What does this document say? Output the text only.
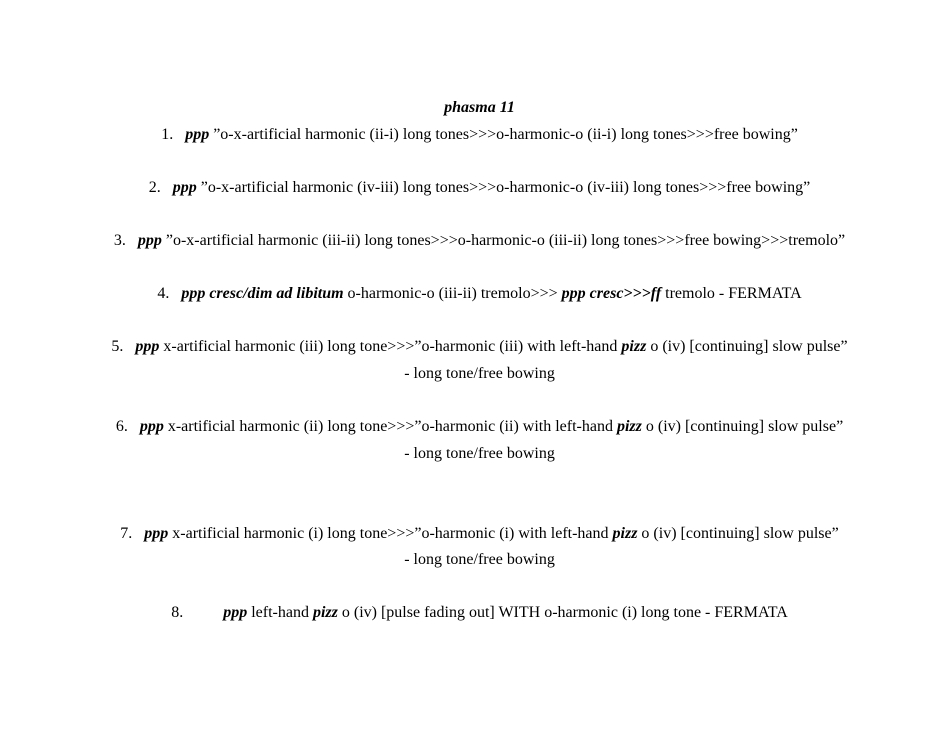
phasma 11
1.   ppp ”o-x-artificial harmonic (ii-i) long tones>>>o-harmonic-o (ii-i) long tones>>>free bowing”

2.   ppp ”o-x-artificial harmonic (iv-iii) long tones>>>o-harmonic-o (iv-iii) long tones>>>free bowing”

3.   ppp ”o-x-artificial harmonic (iii-ii) long tones>>>o-harmonic-o (iii-ii) long tones>>>free bowing>>>tremolo”

4.   ppp cresc/dim ad libitum o-harmonic-o (iii-ii) tremolo>>> ppp cresc>>>ff tremolo - FERMATA

5.   ppp x-artificial harmonic (iii) long tone>>>”o-harmonic (iii) with left-hand pizz o (iv) [continuing] slow pulse”
- long tone/free bowing

6.   ppp x-artificial harmonic (ii) long tone>>>”o-harmonic (ii) with left-hand pizz o (iv) [continuing] slow pulse”
- long tone/free bowing

7.   ppp x-artificial harmonic (i) long tone>>>”o-harmonic (i) with left-hand pizz o (iv) [continuing] slow pulse”
- long tone/free bowing

8.          ppp left-hand pizz o (iv) [pulse fading out] WITH o-harmonic (i) long tone - FERMATA
